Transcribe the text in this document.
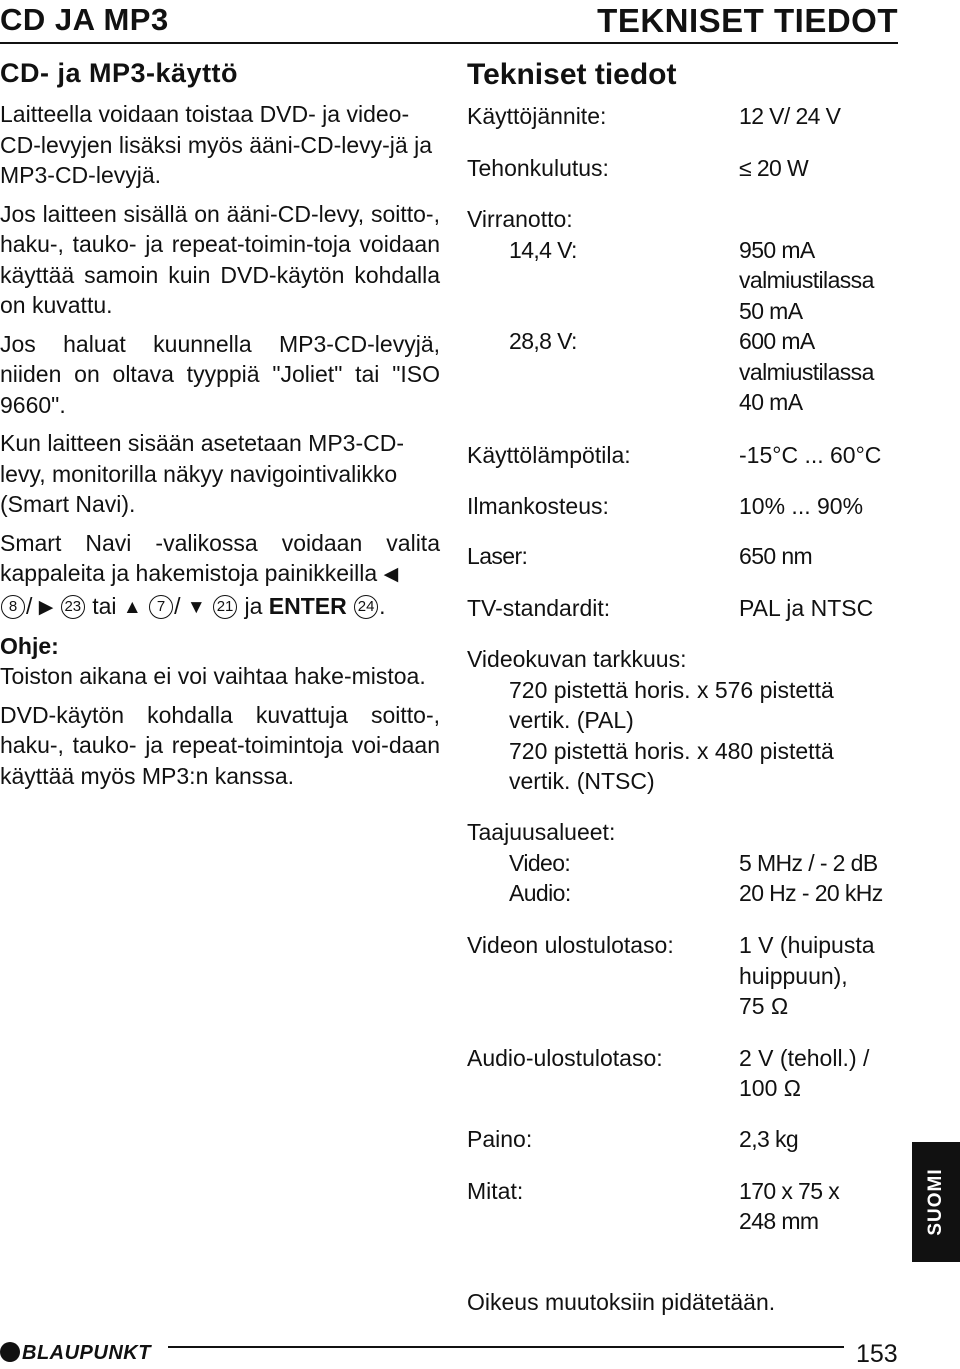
CD JA MP3	TEKNISET TIEDOT
CD- ja MP3-käyttö

Laitteella voidaan toistaa DVD- ja video-CD-levyjen lisäksi myös ääni-CD-levy-jä ja MP3-CD-levyjä.

Jos laitteen sisällä on ääni-CD-levy, soitto-, haku-, tauko- ja repeat-toimin-toja voidaan käyttää samoin kuin DVD-käytön kohdalla on kuvattu.

Jos haluat kuunnella MP3-CD-levyjä, niiden on oltava tyyppiä "Joliet" tai "ISO 9660".

Kun laitteen sisään asetetaan MP3-CD-levy, monitorilla näkyy navigointivalikko (Smart Navi).

Smart Navi -valikossa voidaan valita kappaleita ja hakemistoja painikkeilla ◀
8 / ▶ 23 tai ▲ 7 / ▼ 21 ja ENTER 24 .

Ohje:

Toiston aikana ei voi vaihtaa hake-mistoa.

DVD-käytön kohdalla kuvattuja soitto-, haku-, tauko- ja repeat-toimintoja voi-daan käyttää myös MP3:n kanssa.

Tekniset tiedot
Käyttöjännite:	12 V/ 24 V
Tehonkulutus:	≤ 20 W
Virranotto:
14,4 V:	950 mA
valmiustilassa
50 mA
28,8 V:	600 mA
valmiustilassa
40 mA
Käyttölämpötila:	-15°C ... 60°C
Ilmankosteus:	10% ... 90%
Laser:	650 nm
TV-standardit:	PAL ja NTSC
Videokuvan tarkkuus:
720 pistettä horis. x 576 pistettä
vertik. (PAL)
720 pistettä horis. x 480 pistettä
vertik. (NTSC)
Taajuusalueet:
Video:	5 MHz / - 2 dB
Audio:	20 Hz - 20 kHz
Videon ulostulotaso:	1 V (huipusta
huippuun),
75 Ω
Audio-ulostulotaso:	2 V (teholl.) /
100 Ω
Paino:	2,3 kg
Mitat:	170 x 75 x
248 mm
Oikeus muutoksiin pidätetään.
SUOMI
BLAUPUNKT	153
